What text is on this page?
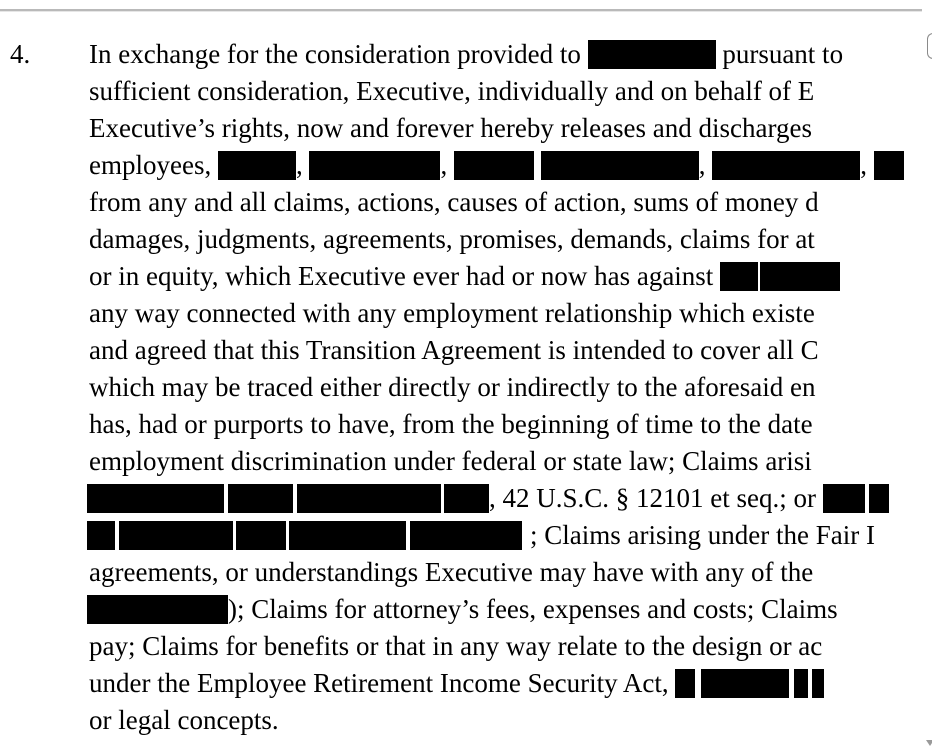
4. In exchange for the consideration provided to	pursuant to
sufficient consideration, Executive, individually and on behalf of E
Executive’s rights, now and forever hereby releases and discharges
employees,	,	,	,	,
from any and all claims, actions, causes of action, sums of money d
damages, judgments, agreements, promises, demands, claims for at
or in equity, which Executive ever had or now has against
any way connected with any employment relationship which existe
and agreed that this Transition Agreement is intended to cover all C
which may be traced either directly or indirectly to the aforesaid en
has, had or purports to have, from the beginning of time to the date
employment discrimination under federal or state law; Claims arisi
, 42 U.S.C. § 12101 et seq.; or
; Claims arising under the Fair I
agreements, or understandings Executive may have with any of the
); Claims for attorney’s fees, expenses and costs; Claims
pay; Claims for benefits or that in any way relate to the design or ac
under the Employee Retirement Income Security Act,
or legal concepts.
